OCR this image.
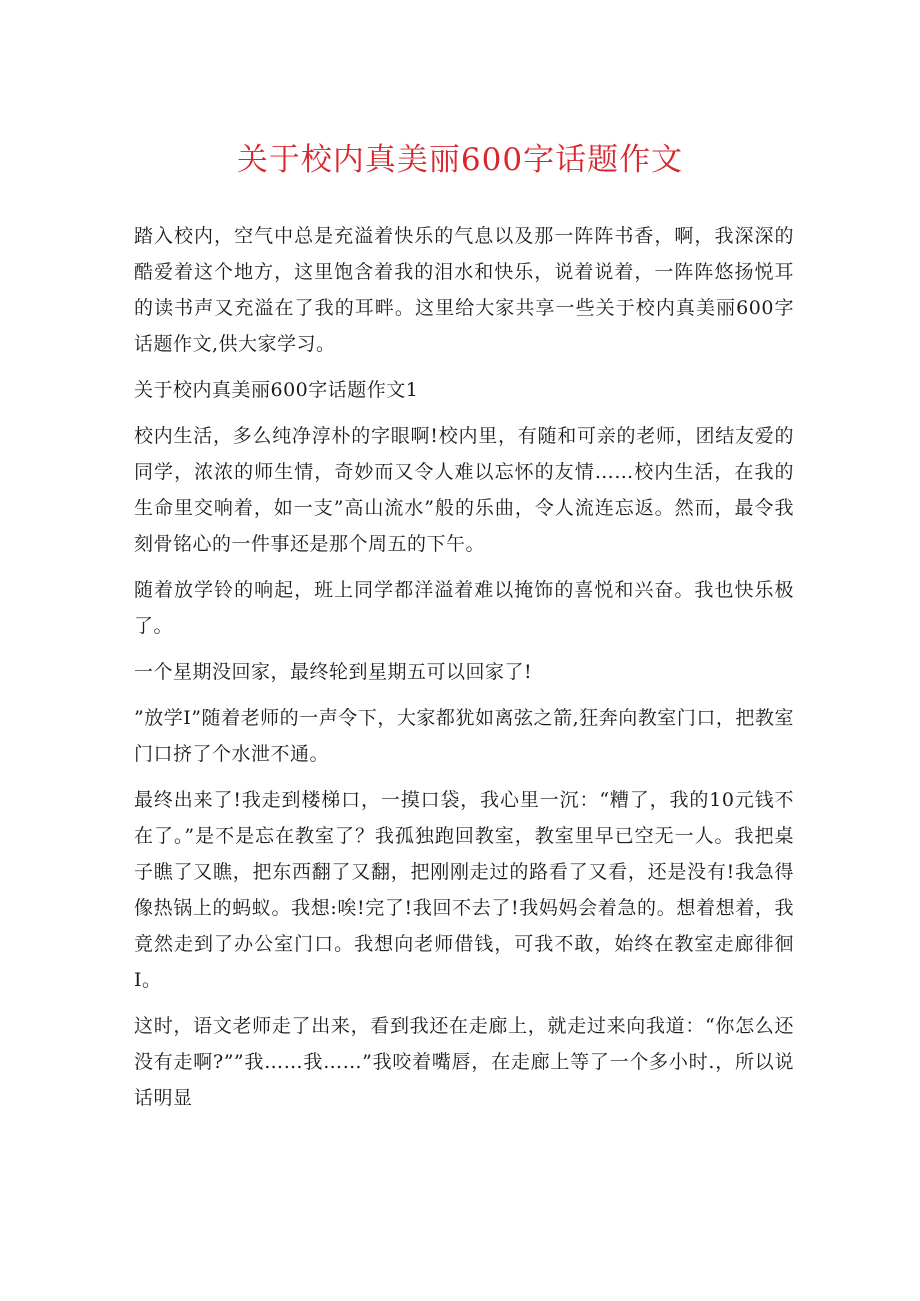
关于校内真美丽600字话题作文

踏入校内，空气中总是充溢着快乐的气息以及那一阵阵书香，啊，我深深的酷爱着这个地方，这里饱含着我的泪水和快乐，说着说着，一阵阵悠扬悦耳的读书声又充溢在了我的耳畔。这里给大家共享一些关于校内真美丽600字话题作文,供大家学习。

关于校内真美丽600字话题作文1

校内生活，多么纯净淳朴的字眼啊!校内里，有随和可亲的老师，团结友爱的同学，浓浓的师生情，奇妙而又令人难以忘怀的友情……校内生活，在我的生命里交响着，如一支”高山流水”般的乐曲，令人流连忘返。然而，最令我刻骨铭心的一件事还是那个周五的下午。

随着放学铃的响起，班上同学都洋溢着难以掩饰的喜悦和兴奋。我也快乐极了。

一个星期没回家，最终轮到星期五可以回家了!

”放学I”随着老师的一声令下，大家都犹如离弦之箭,狂奔向教室门口，把教室门口挤了个水泄不通。

最终出来了!我走到楼梯口，一摸口袋，我心里一沉：“糟了，我的10元钱不在了。”是不是忘在教室了？我孤独跑回教室，教室里早已空无一人。我把桌子瞧了又瞧，把东西翻了又翻，把刚刚走过的路看了又看，还是没有!我急得像热锅上的蚂蚁。我想:唉!完了!我回不去了!我妈妈会着急的。想着想着，我竟然走到了办公室门口。我想向老师借钱，可我不敢，始终在教室走廊徘徊I。

这时，语文老师走了出来，看到我还在走廊上，就走过来向我道：“你怎么还没有走啊?””我……我……”我咬着嘴唇，在走廊上等了一个多小时.，所以说话明显
